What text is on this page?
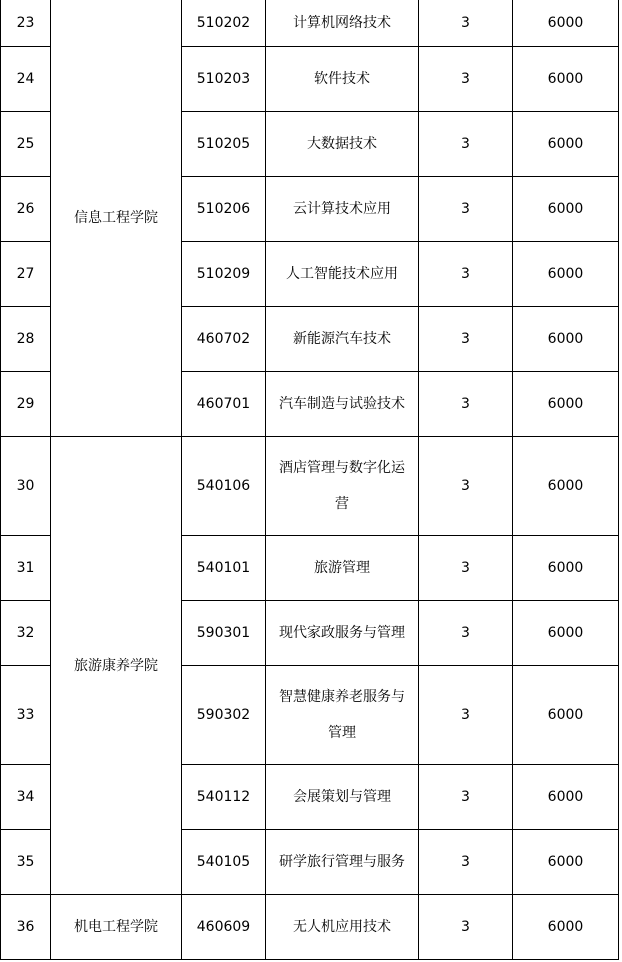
23	信息工程学院	510202	计算机网络技术	3	6000
24		510203	软件技术	3	6000
25		510205	大数据技术	3	6000
26		510206	云计算技术应用	3	6000
27		510209	人工智能技术应用	3	6000
28		460702	新能源汽车技术	3	6000
29		460701	汽车制造与试验技术	3	6000
30	旅游康养学院	540106	酒店管理与数字化运营	3	6000
31		540101	旅游管理	3	6000
32		590301	现代家政服务与管理	3	6000
33		590302	智慧健康养老服务与管理	3	6000
34		540112	会展策划与管理	3	6000
35		540105	研学旅行管理与服务	3	6000
36	机电工程学院	460609	无人机应用技术	3	6000
